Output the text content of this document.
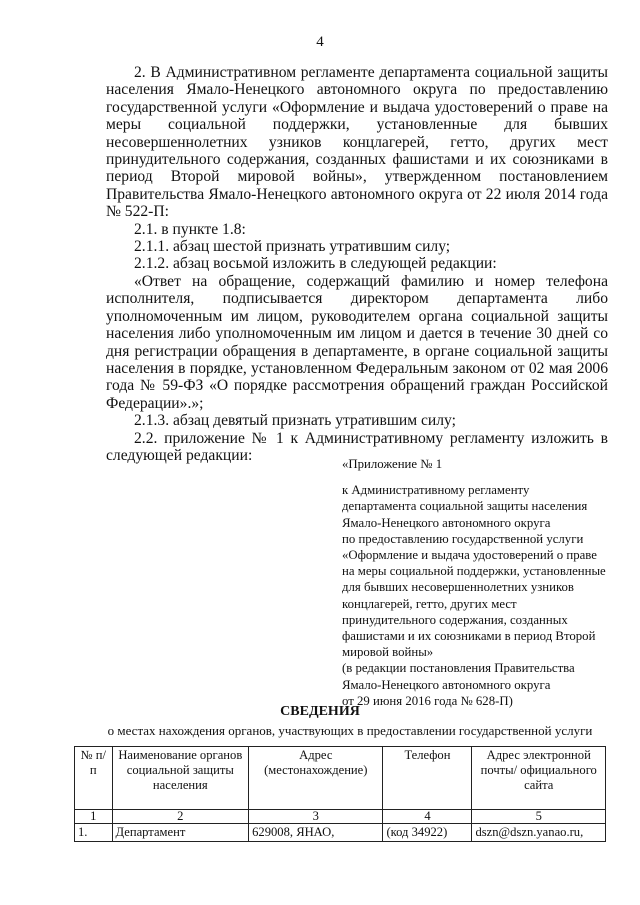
4

2. В Административном регламенте департамента социальной защиты населения Ямало-Ненецкого автономного округа по предоставлению государственной услуги «Оформление и выдача удостоверений о праве на меры социальной поддержки, установленные для бывших несовершеннолетних узников концлагерей, гетто, других мест принудительного содержания, созданных фашистами и их союзниками в период Второй мировой войны», утвержденном постановлением Правительства Ямало-Ненецкого автономного округа от 22 июля 2014 года № 522-П:

2.1. в пункте 1.8:

2.1.1. абзац шестой признать утратившим силу;

2.1.2. абзац восьмой изложить в следующей редакции:

«Ответ на обращение, содержащий фамилию и номер телефона исполнителя, подписывается директором департамента либо уполномоченным им лицом, руководителем органа социальной защиты населения либо уполномоченным им лицом и дается в течение 30 дней со дня регистрации обращения в департаменте, в органе социальной защиты населения в порядке, установленном Федеральным законом от 02 мая 2006 года № 59-ФЗ «О порядке рассмотрения обращений граждан Российской Федерации».»;

2.1.3. абзац девятый признать утратившим силу;

2.2. приложение № 1 к Административному регламенту изложить в следующей редакции:

«Приложение № 1

к Административному регламенту

департамента социальной защиты населения

Ямало-Ненецкого автономного округа

по предоставлению государственной услуги

«Оформление и выдача удостоверений о праве

на меры социальной поддержки, установленные

для бывших несовершеннолетних узников

концлагерей, гетто, других мест

принудительного содержания, созданных

фашистами и их союзниками в период Второй

мировой войны»

(в редакции постановления Правительства

Ямало-Ненецкого автономного округа

от 29 июня 2016 года № 628-П)

СВЕДЕНИЯ
о местах нахождения органов, участвующих в предоставлении государственной услуги
№ п/п	Наименование органов социальной защиты населения	Адрес (местонахождение)	Телефон	Адрес электронной почты/ официального сайта
1	2	3	4	5
1.	Департамент	629008, ЯНАО,	(код 34922)	dszn@dszn.yanao.ru,
